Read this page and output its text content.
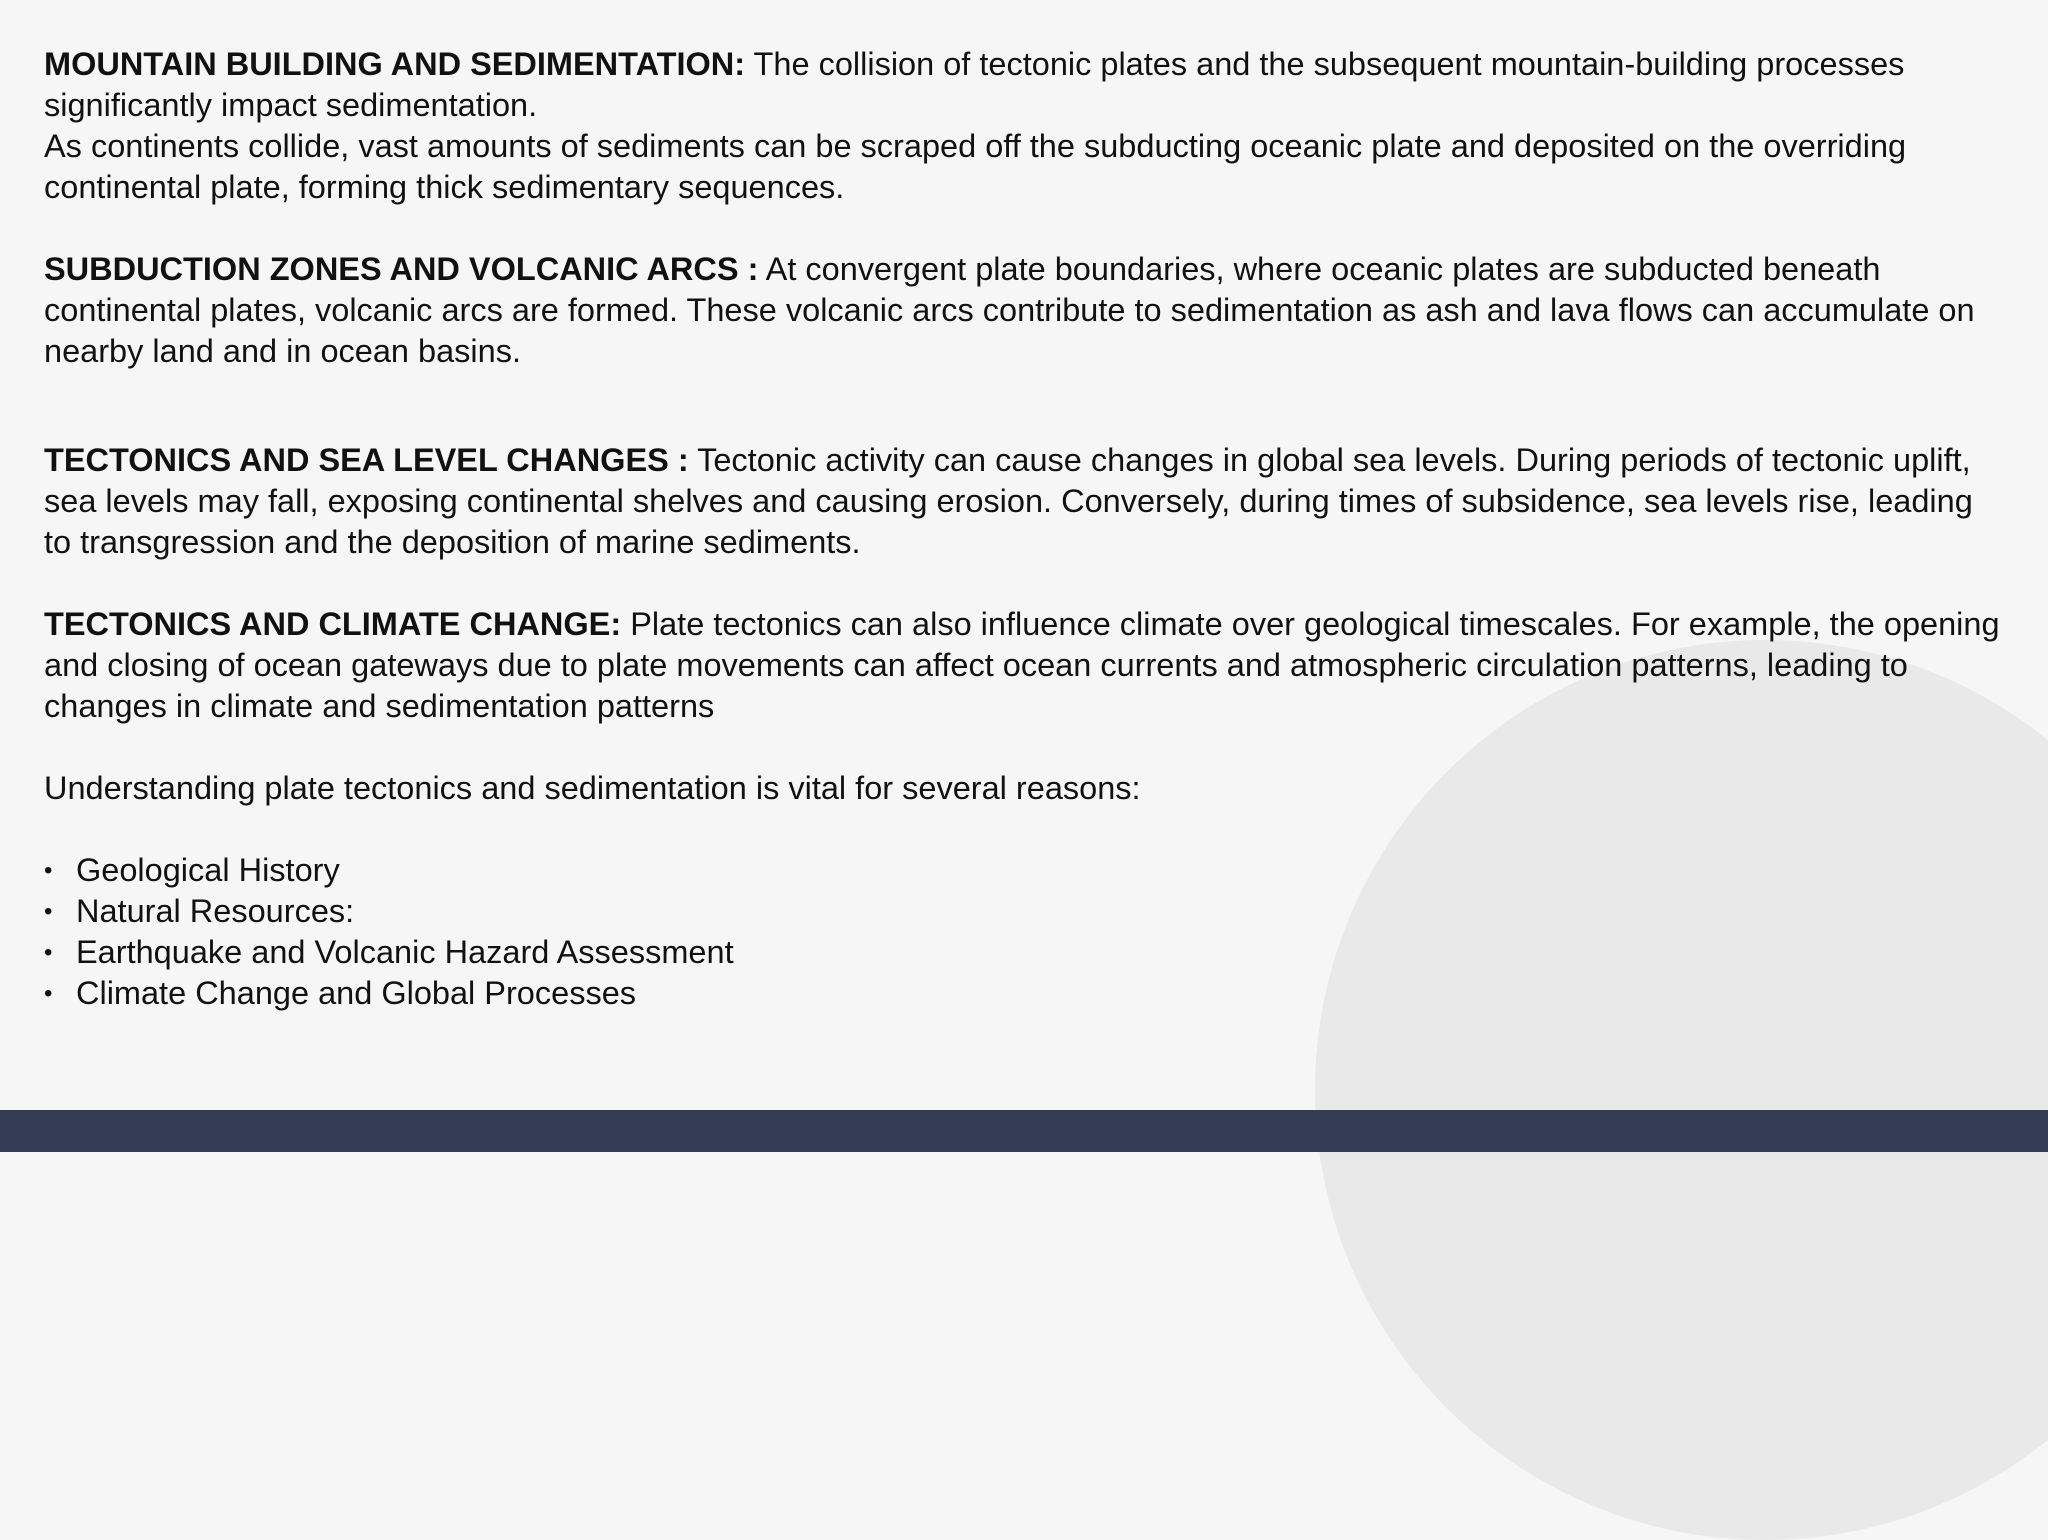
MOUNTAIN BUILDING AND SEDIMENTATION: The collision of tectonic plates and the subsequent mountain-building processes significantly impact sedimentation.

As continents collide, vast amounts of sediments can be scraped off the subducting oceanic plate and deposited on the overriding continental plate, forming thick sedimentary sequences.

SUBDUCTION ZONES AND VOLCANIC ARCS : At convergent plate boundaries, where oceanic plates are subducted beneath continental plates, volcanic arcs are formed. These volcanic arcs contribute to sedimentation as ash and lava flows can accumulate on nearby land and in ocean basins.

TECTONICS AND SEA LEVEL CHANGES : Tectonic activity can cause changes in global sea levels. During periods of tectonic uplift, sea levels may fall, exposing continental shelves and causing erosion. Conversely, during times of subsidence, sea levels rise, leading to transgression and the deposition of marine sediments.

TECTONICS AND CLIMATE CHANGE: Plate tectonics can also influence climate over geological timescales. For example, the opening and closing of ocean gateways due to plate movements can affect ocean currents and atmospheric circulation patterns, leading to changes in climate and sedimentation patterns

Understanding plate tectonics and sedimentation is vital for several reasons:

• Geological History
• Natural Resources:
• Earthquake and Volcanic Hazard Assessment
• Climate Change and Global Processes
